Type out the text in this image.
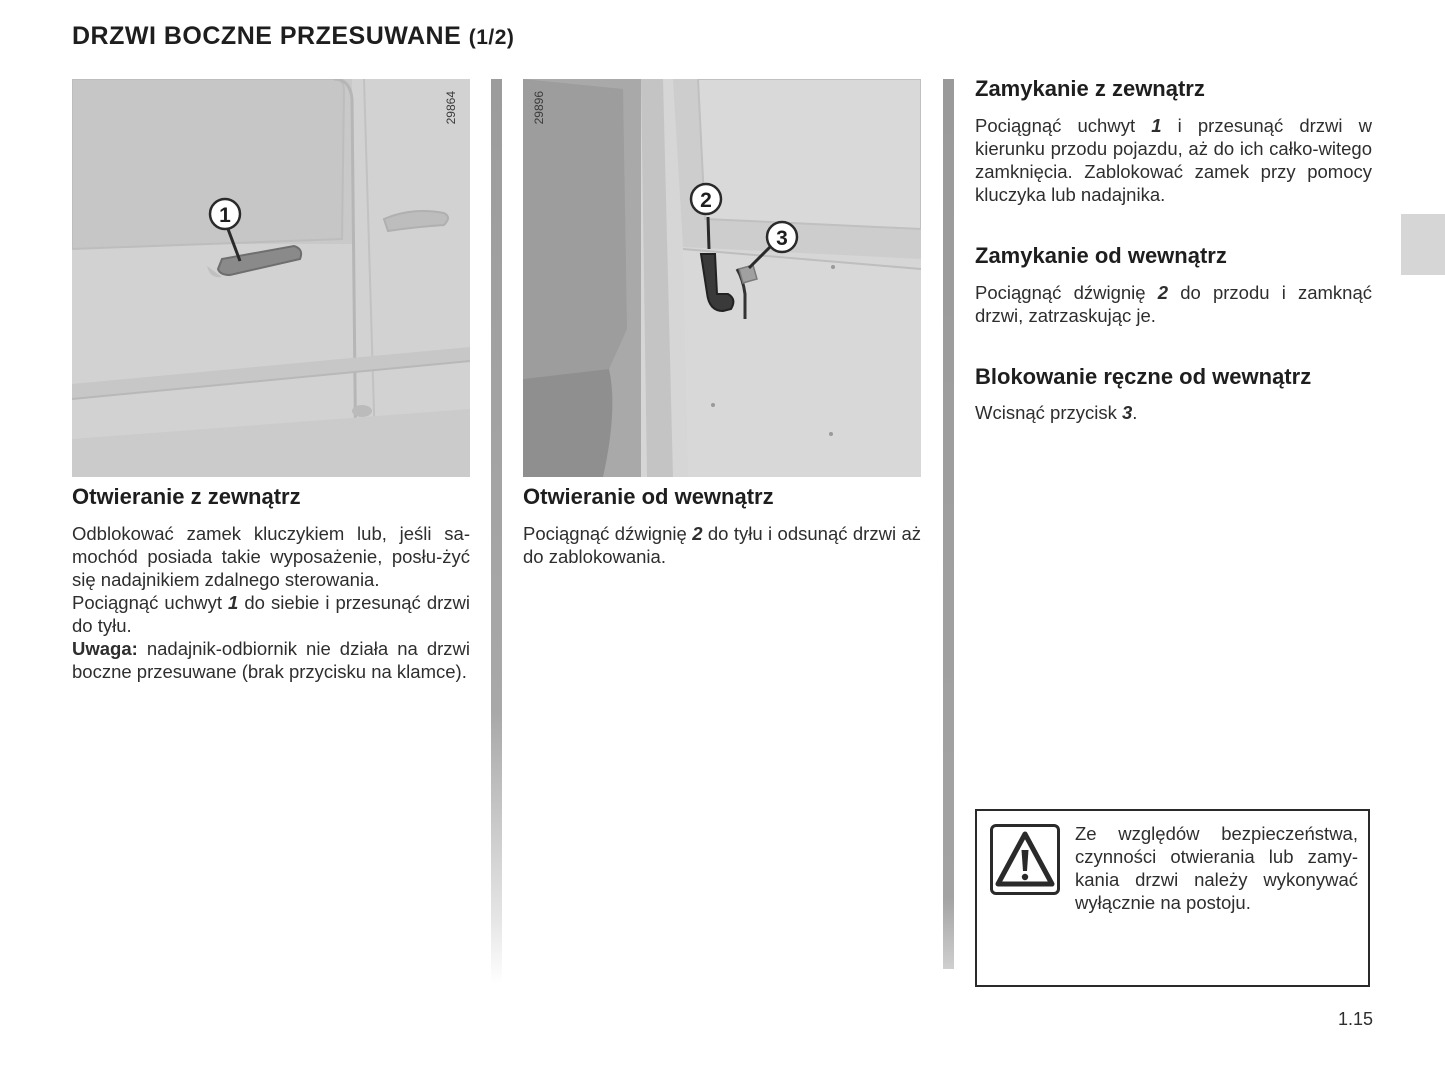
DRZWI BOCZNE PRZESUWANE (1/2)
1
29864
2
3
29896
Otwieranie z zewnątrz

Odblokować zamek kluczykiem lub, jeśli sa-mochód posiada takie wyposażenie, posłu-żyć się nadajnikiem zdalnego sterowania.

Pociągnąć uchwyt 1 do siebie i przesunąć drzwi do tyłu.

Uwaga: nadajnik-odbiornik nie działa na drzwi boczne przesuwane (brak przycisku na klamce).

Otwieranie od wewnątrz

Pociągnąć dźwignię 2 do tyłu i odsunąć drzwi aż do zablokowania.

Zamykanie z zewnątrz

Pociągnąć uchwyt 1 i przesunąć drzwi w kierunku przodu pojazdu, aż do ich całko-witego zamknięcia. Zablokować zamek przy pomocy kluczyka lub nadajnika.

Zamykanie od wewnątrz

Pociągnąć dźwignię 2 do przodu i zamknąć drzwi, zatrzaskując je.

Blokowanie ręczne od wewnątrz

Wcisnąć przycisk 3.

Ze względów bezpieczeństwa, czynności otwierania lub zamy-kania drzwi należy wykonywać wyłącznie na postoju.
1.15
